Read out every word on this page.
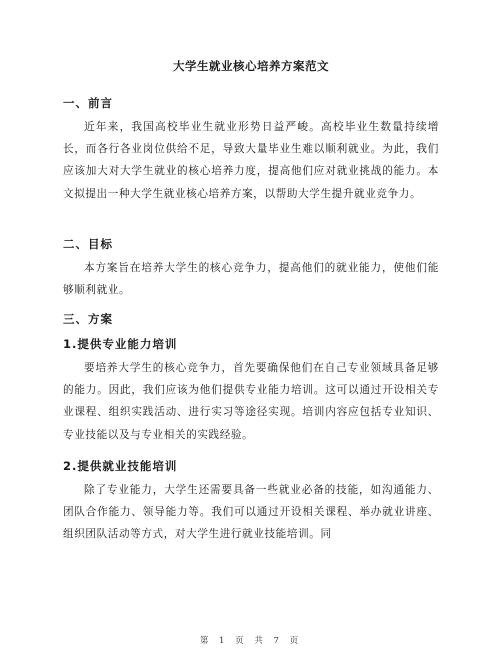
大学生就业核心培养方案范文
一、前言
近年来，我国高校毕业生就业形势日益严峻。高校毕业生数量持续增长，而各行各业岗位供给不足，导致大量毕业生难以顺利就业。为此，我们应该加大对大学生就业的核心培养力度，提高他们应对就业挑战的能力。本文拟提出一种大学生就业核心培养方案，以帮助大学生提升就业竞争力。
二、目标
本方案旨在培养大学生的核心竞争力，提高他们的就业能力，使他们能够顺利就业。
三、方案
1.提供专业能力培训
要培养大学生的核心竞争力，首先要确保他们在自己专业领域具备足够的能力。因此，我们应该为他们提供专业能力培训。这可以通过开设相关专业课程、组织实践活动、进行实习等途径实现。培训内容应包括专业知识、专业技能以及与专业相关的实践经验。
2.提供就业技能培训
除了专业能力，大学生还需要具备一些就业必备的技能，如沟通能力、团队合作能力、领导能力等。我们可以通过开设相关课程、举办就业讲座、组织团队活动等方式，对大学生进行就业技能培训。同
第 1 页 共 7 页
